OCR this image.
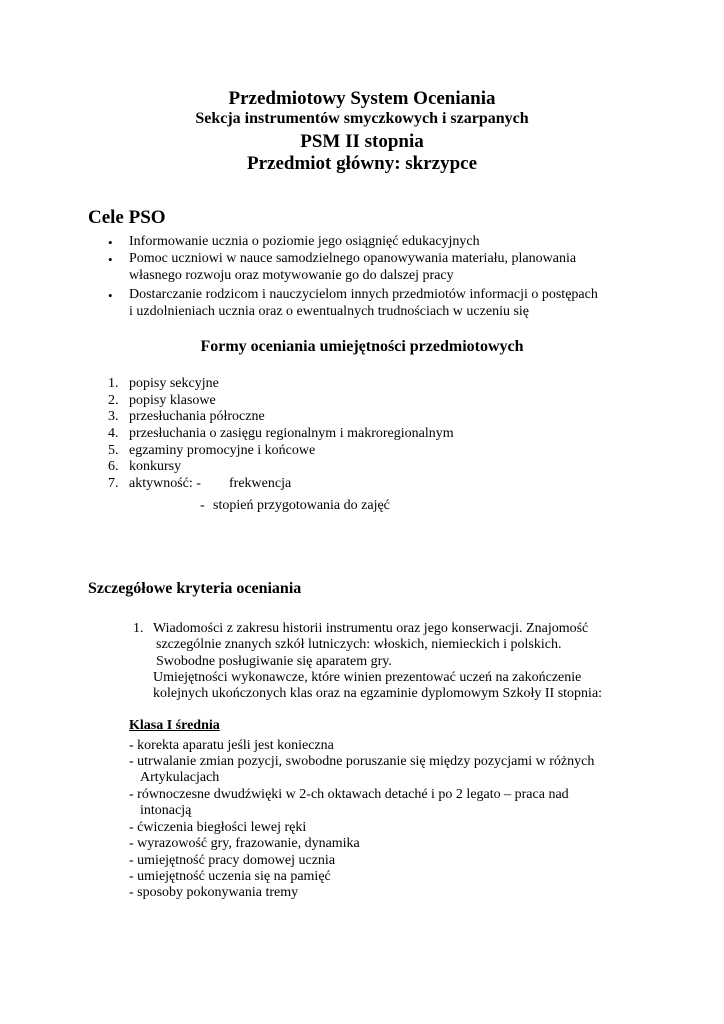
Przedmiotowy System Oceniania
Sekcja instrumentów smyczkowych i szarpanych
PSM II stopnia
Przedmiot główny: skrzypce
Cele PSO
• Informowanie ucznia o poziomie jego osiągnięć edukacyjnych
• Pomoc uczniowi w nauce samodzielnego opanowywania materiału, planowania
własnego rozwoju oraz motywowanie go do dalszej pracy
• Dostarczanie rodzicom i nauczycielom innych przedmiotów informacji o postępach
i uzdolnieniach ucznia oraz o ewentualnych trudnościach w uczeniu się
Formy oceniania umiejętności przedmiotowych
1. popisy sekcyjne
2. popisy klasowe
3. przesłuchania półroczne
4. przesłuchania o zasięgu regionalnym i makroregionalnym
5. egzaminy promocyjne i końcowe
6. konkursy
7. aktywność: - frekwencja
- stopień przygotowania do zajęć
Szczegółowe kryteria oceniania
1. Wiadomości z zakresu historii instrumentu oraz jego konserwacji. Znajomość
szczególnie znanych szkół lutniczych: włoskich, niemieckich i polskich.
Swobodne posługiwanie się aparatem gry.
Umiejętności wykonawcze, które winien prezentować uczeń na zakończenie
kolejnych ukończonych klas oraz na egzaminie dyplomowym Szkoły II stopnia:
Klasa I średnia
- korekta aparatu jeśli jest konieczna
- utrwalanie zmian pozycji, swobodne poruszanie się między pozycjami w różnych
Artykulacjach
- równoczesne dwudźwięki w 2-ch oktawach detaché i po 2 legato – praca nad
intonacją
- ćwiczenia biegłości lewej ręki
- wyrazowość gry, frazowanie, dynamika
- umiejętność pracy domowej ucznia
- umiejętność uczenia się na pamięć
- sposoby pokonywania tremy
